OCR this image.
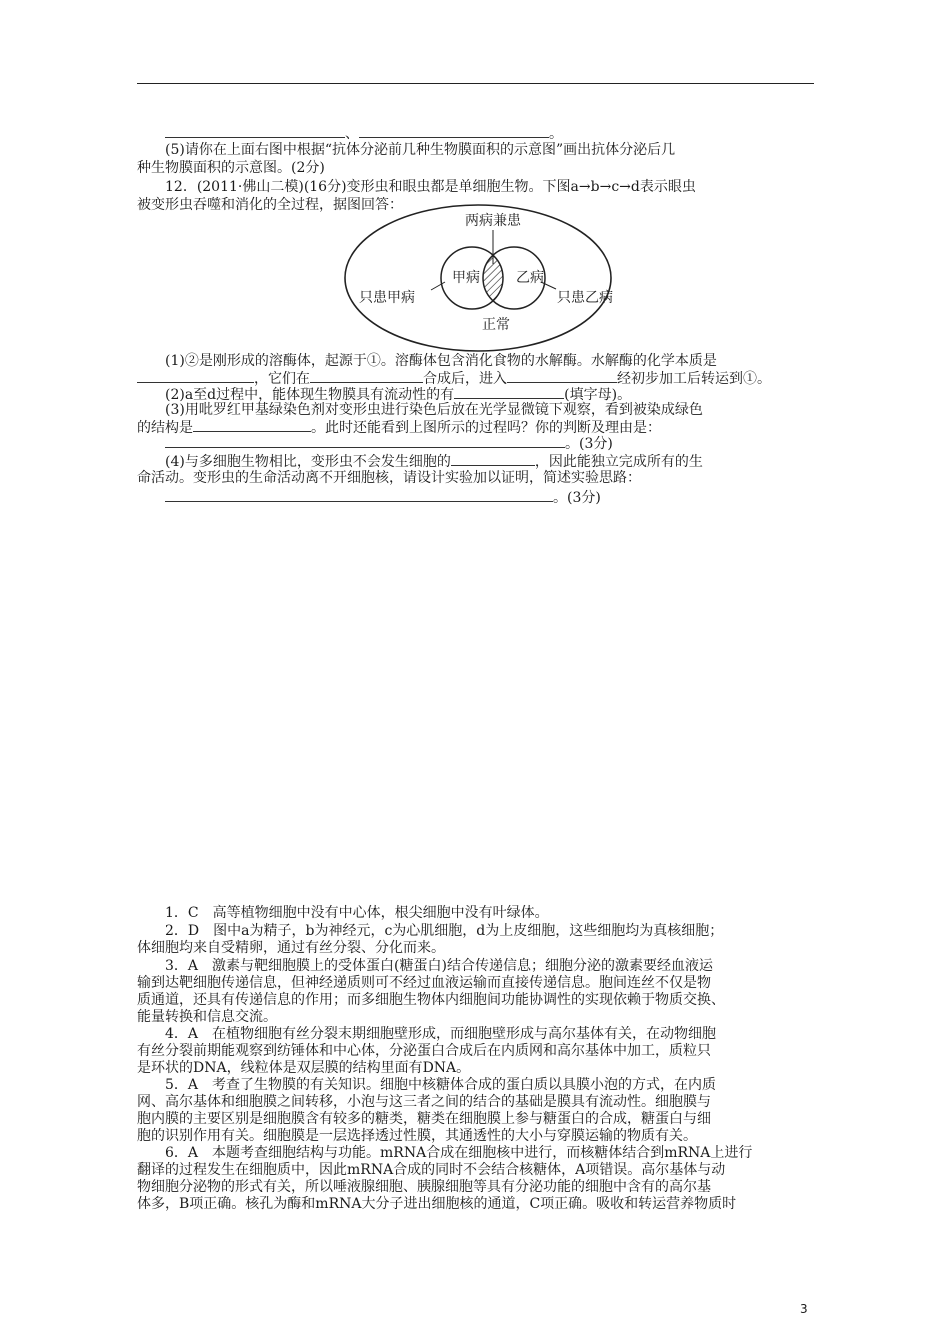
、	。
(5)请你在上面右图中根据“抗体分泌前几种生物膜面积的示意图”画出抗体分泌后几
种生物膜面积的示意图。(2分)
12．(2011·佛山二模)(16分)变形虫和眼虫都是单细胞生物。下图a→b→c→d表示眼虫
被变形虫吞噬和消化的全过程，据图回答：
两病兼患
甲病	乙病
只患甲病	只患乙病
正常
(1)②是刚形成的溶酶体，起源于①。溶酶体包含消化食物的水解酶。水解酶的化学本质是
，它们在	合成后，进入	经初步加工后转运到①。
(2)a至d过程中，能体现生物膜具有流动性的有	(填字母)。
(3)用吡罗红甲基绿染色剂对变形虫进行染色后放在光学显微镜下观察，看到被染成绿色
的结构是	。此时还能看到上图所示的过程吗？你的判断及理由是：
。(3分)
(4)与多细胞生物相比，变形虫不会发生细胞的	，因此能独立完成所有的生
命活动。变形虫的生命活动离不开细胞核，请设计实验加以证明，简述实验思路：
。(3分)
1．C　高等植物细胞中没有中心体，根尖细胞中没有叶绿体。
2．D　图中a为精子，b为神经元，c为心肌细胞，d为上皮细胞，这些细胞均为真核细胞；
体细胞均来自受精卵，通过有丝分裂、分化而来。
3．A　激素与靶细胞膜上的受体蛋白(糖蛋白)结合传递信息；细胞分泌的激素要经血液运
输到达靶细胞传递信息，但神经递质则可不经过血液运输而直接传递信息。胞间连丝不仅是物
质通道，还具有传递信息的作用；而多细胞生物体内细胞间功能协调性的实现依赖于物质交换、
能量转换和信息交流。
4．A　在植物细胞有丝分裂末期细胞壁形成，而细胞壁形成与高尔基体有关，在动物细胞
有丝分裂前期能观察到纺锤体和中心体，分泌蛋白合成后在内质网和高尔基体中加工，质粒只
是环状的DNA，线粒体是双层膜的结构里面有DNA。
5．A　考查了生物膜的有关知识。细胞中核糖体合成的蛋白质以具膜小泡的方式，在内质
网、高尔基体和细胞膜之间转移，小泡与这三者之间的结合的基础是膜具有流动性。细胞膜与
胞内膜的主要区别是细胞膜含有较多的糖类，糖类在细胞膜上参与糖蛋白的合成，糖蛋白与细
胞的识别作用有关。细胞膜是一层选择透过性膜，其通透性的大小与穿膜运输的物质有关。
6．A　本题考查细胞结构与功能。mRNA合成在细胞核中进行，而核糖体结合到mRNA上进行
翻译的过程发生在细胞质中，因此mRNA合成的同时不会结合核糖体，A项错误。高尔基体与动
物细胞分泌物的形式有关，所以唾液腺细胞、胰腺细胞等具有分泌功能的细胞中含有的高尔基
体多，B项正确。核孔为酶和mRNA大分子进出细胞核的通道，C项正确。吸收和转运营养物质时
3
